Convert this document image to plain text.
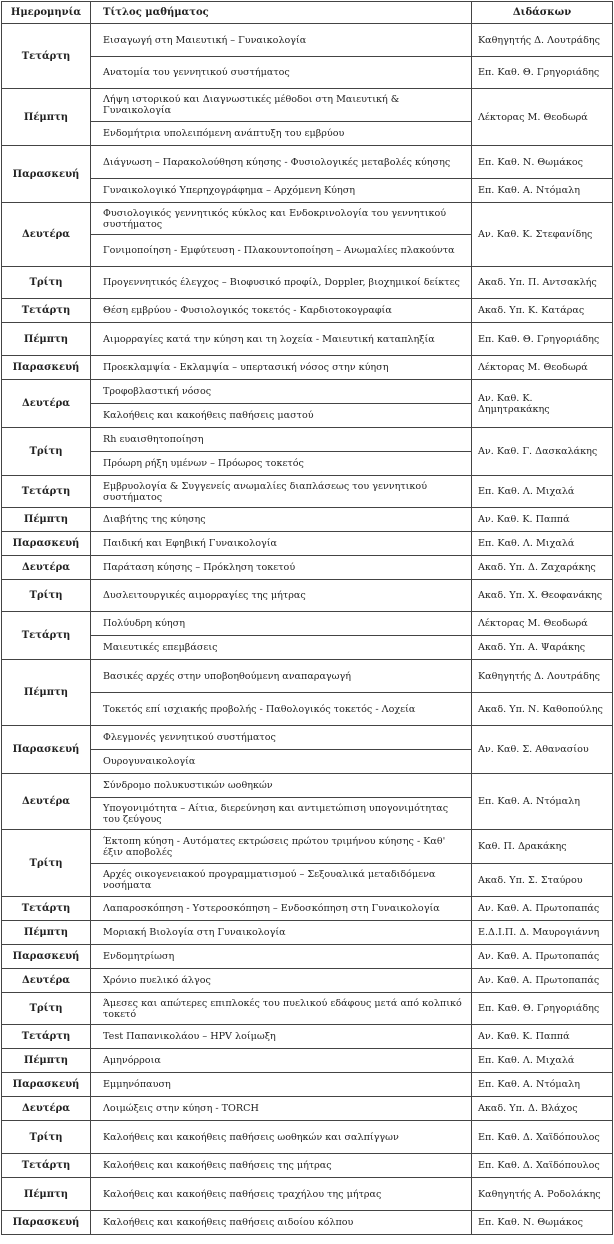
Ημερομηνία	Τίτλος μαθήματος	Διδάσκων
Τετάρτη	Εισαγωγή στη Μαιευτική – Γυναικολογία	Καθηγητής Δ. Λουτράδης
	Ανατομία του γεννητικού συστήματος	Επ. Καθ. Θ. Γρηγοριάδης
Πέμπτη	Λήψη ιστορικού και Διαγνωστικές μέθοδοι στη Μαιευτική & Γυναικολογία	Λέκτορας Μ. Θεοδωρά
	Ενδομήτρια υπολειπόμενη ανάπτυξη του εμβρύου	
Παρασκευή	Διάγνωση – Παρακολούθηση κύησης - Φυσιολογικές μεταβολές κύησης	Επ. Καθ. Ν. Θωμάκος
	Γυναικολογικό Υπερηχογράφημα – Αρχόμενη Κύηση	Επ. Καθ. Α. Ντόμαλη
Δευτέρα	Φυσιολογικός γεννητικός κύκλος και Ενδοκρινολογία του γεννητικού συστήματος	Αν. Καθ. Κ. Στεφανίδης
	Γονιμοποίηση - Εμφύτευση - Πλακουντοποίηση – Ανωμαλίες πλακούντα	
Τρίτη	Προγεννητικός έλεγχος – Βιοφυσικό προφίλ, Doppler, βιοχημικοί δείκτες	Ακαδ. Υπ. Π. Αντσακλής
Τετάρτη	Θέση εμβρύου - Φυσιολογικός τοκετός - Καρδιοτοκογραφία	Ακαδ. Υπ. Κ. Κατάρας
Πέμπτη	Αιμορραγίες κατά την κύηση και τη λοχεία - Μαιευτική καταπληξία	Επ. Καθ. Θ. Γρηγοριάδης
Παρασκευή	Προεκλαμψία - Εκλαμψία – υπερτασική νόσος στην κύηση	Λέκτορας Μ. Θεοδωρά
Δευτέρα	Τροφοβλαστική νόσος	Αν. Καθ. Κ. Δημητρακάκης
	Καλοήθεις και κακοήθεις παθήσεις μαστού	
Τρίτη	Rh ευαισθητοποίηση	Αν. Καθ. Γ. Δασκαλάκης
	Πρόωρη ρήξη υμένων – Πρόωρος τοκετός	
Τετάρτη	Εμβρυολογία & Συγγενείς ανωμαλίες διαπλάσεως του γεννητικού συστήματος	Επ. Καθ. Λ. Μιχαλά
Πέμπτη	Διαβήτης της κύησης	Αν. Καθ. Κ. Παππά
Παρασκευή	Παιδική και Εφηβική Γυναικολογία	Επ. Καθ. Λ. Μιχαλά
Δευτέρα	Παράταση κύησης – Πρόκληση τοκετού	Ακαδ. Υπ. Δ. Ζαχαράκης
Τρίτη	Δυσλειτουργικές αιμορραγίες της μήτρας	Ακαδ. Υπ. Χ. Θεοφανάκης
Τετάρτη	Πολύυδρη κύηση	Λέκτορας Μ. Θεοδωρά
	Μαιευτικές επεμβάσεις	Ακαδ. Υπ. Α. Ψαράκης
Πέμπτη	Βασικές αρχές στην υποβοηθούμενη αναπαραγωγή	Καθηγητής Δ. Λουτράδης
	Τοκετός επί ισχιακής προβολής - Παθολογικός τοκετός - Λοχεία	Ακαδ. Υπ. Ν. Καθοπούλης
Παρασκευή	Φλεγμονές γεννητικού συστήματος	Αν. Καθ. Σ. Αθανασίου
	Ουρογυναικολογία	
Δευτέρα	Σύνδρομο πολυκυστικών ωοθηκών	Επ. Καθ. Α. Ντόμαλη
	Υπογονιμότητα – Αίτια, διερεύνηση και αντιμετώπιση υπογονιμότητας του ζεύγους	
Τρίτη	Έκτοπη κύηση - Αυτόματες εκτρώσεις πρώτου τριμήνου κύησης - Καθ' έξιν αποβολές	Καθ. Π. Δρακάκης
	Αρχές οικογενειακού προγραμματισμού – Σεξουαλικά μεταδιδόμενα νοσήματα	Ακαδ. Υπ. Σ. Σταύρου
Τετάρτη	Λαπαροσκόπηση - Υστεροσκόπηση – Ενδοσκόπηση στη Γυναικολογία	Αν. Καθ. Α. Πρωτοπαπάς
Πέμπτη	Μοριακή Βιολογία στη Γυναικολογία	Ε.Δ.Ι.Π. Δ. Μαυρογιάννη
Παρασκευή	Ενδομητρίωση	Αν. Καθ. Α. Πρωτοπαπάς
Δευτέρα	Χρόνιο πυελικό άλγος	Αν. Καθ. Α. Πρωτοπαπάς
Τρίτη	Άμεσες και απώτερες επιπλοκές του πυελικού εδάφους μετά από κολπικό τοκετό	Επ. Καθ. Θ. Γρηγοριάδης
Τετάρτη	Test Παπανικολάου – HPV λοίμωξη	Αν. Καθ. Κ. Παππά
Πέμπτη	Αμηνόρροια	Επ. Καθ. Λ. Μιχαλά
Παρασκευή	Εμμηνόπαυση	Επ. Καθ. Α. Ντόμαλη
Δευτέρα	Λοιμώξεις στην κύηση - TORCH	Ακαδ. Υπ. Δ. Βλάχος
Τρίτη	Καλοήθεις και κακοήθεις παθήσεις ωοθηκών και σαλπίγγων	Επ. Καθ. Δ. Χαϊδόπουλος
Τετάρτη	Καλοήθεις και κακοήθεις παθήσεις της μήτρας	Επ. Καθ. Δ. Χαϊδόπουλος
Πέμπτη	Καλοήθεις και κακοήθεις παθήσεις τραχήλου της μήτρας	Καθηγητής Α. Ροδολάκης
Παρασκευή	Καλοήθεις και κακοήθεις παθήσεις αιδοίου κόλπου	Επ. Καθ. Ν. Θωμάκος
